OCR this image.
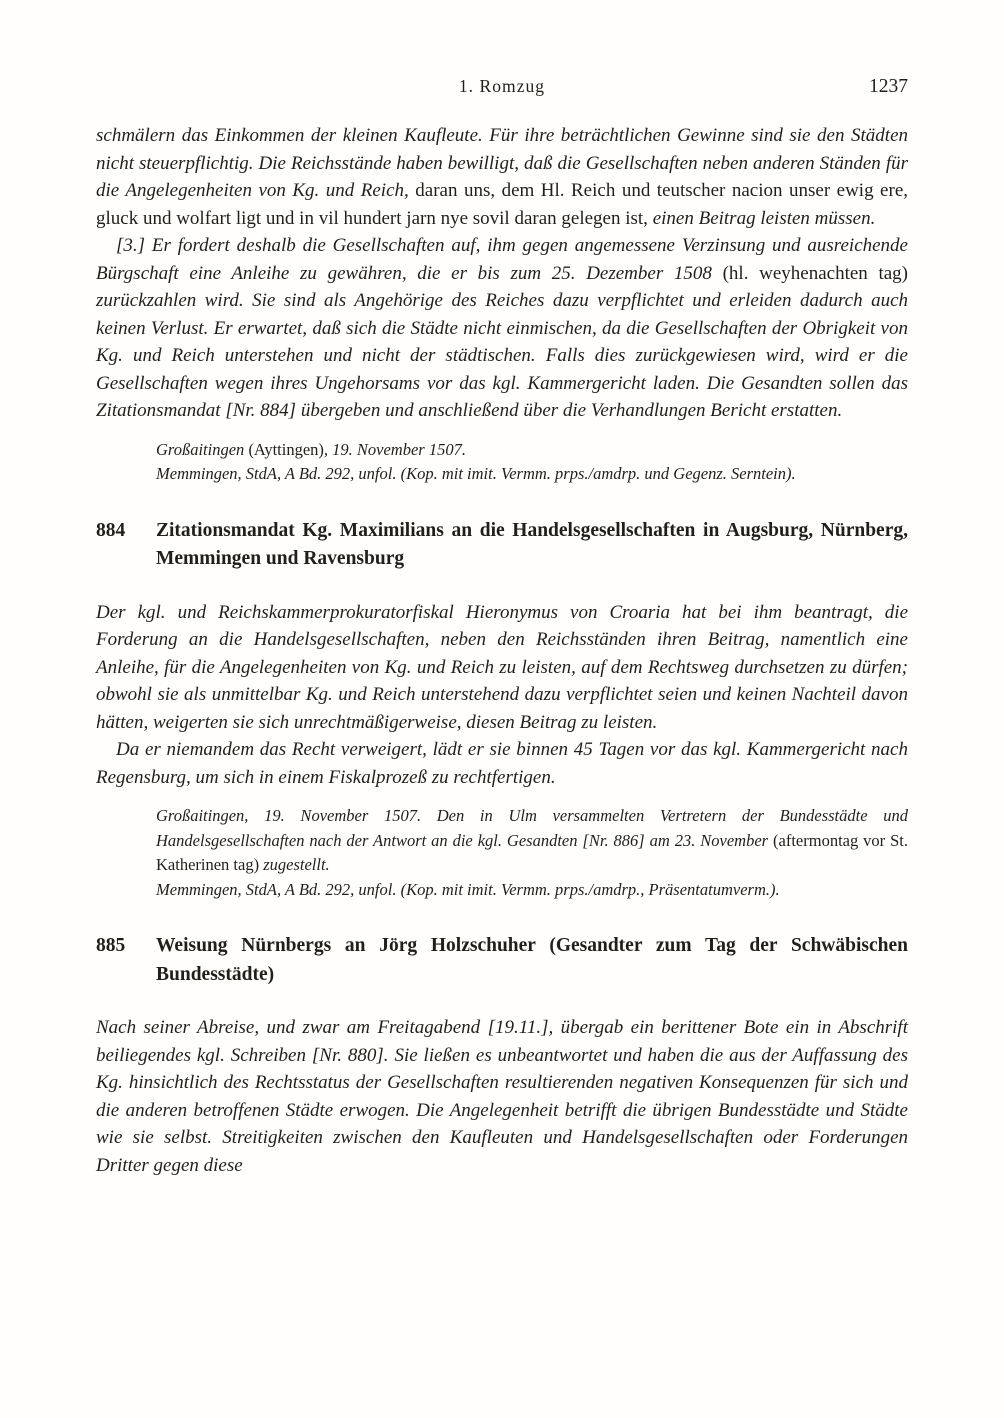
1. Romzug	1237

schmälern das Einkommen der kleinen Kaufleute. Für ihre beträchtlichen Gewinne sind sie den Städten nicht steuerpflichtig. Die Reichsstände haben bewilligt, daß die Gesellschaften neben anderen Ständen für die Angelegenheiten von Kg. und Reich, daran uns, dem Hl. Reich und teutscher nacion unser ewig ere, gluck und wolfart ligt und in vil hundert jarn nye sovil daran gelegen ist, einen Beitrag leisten müssen.

[3.] Er fordert deshalb die Gesellschaften auf, ihm gegen angemessene Verzinsung und ausreichende Bürgschaft eine Anleihe zu gewähren, die er bis zum 25. Dezember 1508 (hl. weyhenachten tag) zurückzahlen wird. Sie sind als Angehörige des Reiches dazu verpflichtet und erleiden dadurch auch keinen Verlust. Er erwartet, daß sich die Städte nicht einmischen, da die Gesellschaften der Obrigkeit von Kg. und Reich unterstehen und nicht der städtischen. Falls dies zurückgewiesen wird, wird er die Gesellschaften wegen ihres Ungehorsams vor das kgl. Kammergericht laden. Die Gesandten sollen das Zitationsmandat [Nr. 884] übergeben und anschließend über die Verhandlungen Bericht erstatten.

Großaitingen (Ayttingen), 19. November 1507.

Memmingen, StdA, A Bd. 292, unfol. (Kop. mit imit. Vermm. prps./amdrp. und Gegenz. Serntein).

884	Zitationsmandat Kg. Maximilians an die Handelsgesellschaften in Augsburg, Nürnberg, Memmingen und Ravensburg

Der kgl. und Reichskammerprokuratorfiskal Hieronymus von Croaria hat bei ihm beantragt, die Forderung an die Handelsgesellschaften, neben den Reichsständen ihren Beitrag, namentlich eine Anleihe, für die Angelegenheiten von Kg. und Reich zu leisten, auf dem Rechtsweg durchsetzen zu dürfen; obwohl sie als unmittelbar Kg. und Reich unterstehend dazu verpflichtet seien und keinen Nachteil davon hätten, weigerten sie sich unrechtmäßigerweise, diesen Beitrag zu leisten.

Da er niemandem das Recht verweigert, lädt er sie binnen 45 Tagen vor das kgl. Kammergericht nach Regensburg, um sich in einem Fiskalprozeß zu rechtfertigen.

Großaitingen, 19. November 1507. Den in Ulm versammelten Vertretern der Bundesstädte und Handelsgesellschaften nach der Antwort an die kgl. Gesandten [Nr. 886] am 23. November (aftermontag vor St. Katherinen tag) zugestellt.

Memmingen, StdA, A Bd. 292, unfol. (Kop. mit imit. Vermm. prps./amdrp., Präsentatumverm.).

885	Weisung Nürnbergs an Jörg Holzschuher (Gesandter zum Tag der Schwäbischen Bundesstädte)

Nach seiner Abreise, und zwar am Freitagabend [19.11.], übergab ein berittener Bote ein in Abschrift beiliegendes kgl. Schreiben [Nr. 880]. Sie ließen es unbeantwortet und haben die aus der Auffassung des Kg. hinsichtlich des Rechtsstatus der Gesellschaften resultierenden negativen Konsequenzen für sich und die anderen betroffenen Städte erwogen. Die Angelegenheit betrifft die übrigen Bundesstädte und Städte wie sie selbst. Streitigkeiten zwischen den Kaufleuten und Handelsgesellschaften oder Forderungen Dritter gegen diese
